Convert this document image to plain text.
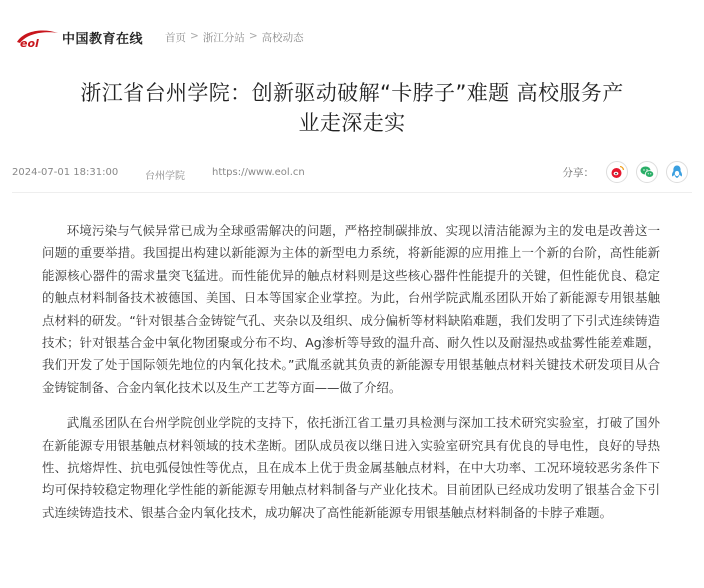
eol 中国教育在线 首页 > 浙江分站 > 高校动态
浙江省台州学院：创新驱动破解“卡脖子”难题 高校服务产
业走深走实
2024-07-01 18:31:00	台州学院	https://www.eol.cn	分享：

环境污染与气候异常已成为全球亟需解决的问题，严格控制碳排放、实现以清洁能源为主的发电是改善这一问题的重要举措。我国提出构建以新能源为主体的新型电力系统，将新能源的应用推上一个新的台阶，高性能新能源核心器件的需求量突飞猛进。而性能优异的触点材料则是这些核心器件性能提升的关键，但性能优良、稳定的触点材料制备技术被德国、美国、日本等国家企业掌控。为此，台州学院武胤丞团队开始了新能源专用银基触点材料的研发。“针对银基合金铸锭气孔、夹杂以及组织、成分偏析等材料缺陷难题，我们发明了下引式连续铸造技术；针对银基合金中氧化物团聚或分布不均、Ag渗析等导致的温升高、耐久性以及耐湿热或盐雾性能差难题，我们开发了处于国际领先地位的内氧化技术。”武胤丞就其负责的新能源专用银基触点材料关键技术研发项目从合金铸锭制备、合金内氧化技术以及生产工艺等方面——做了介绍。

武胤丞团队在台州学院创业学院的支持下，依托浙江省工量刃具检测与深加工技术研究实验室，打破了国外在新能源专用银基触点材料领域的技术垄断。团队成员夜以继日进入实验室研究具有优良的导电性，良好的导热性、抗熔焊性、抗电弧侵蚀性等优点，且在成本上优于贵金属基触点材料，在中大功率、工况环境较恶劣条件下均可保持较稳定物理化学性能的新能源专用触点材料制备与产业化技术。目前团队已经成功发明了银基合金下引式连续铸造技术、银基合金内氧化技术，成功解决了高性能新能源专用银基触点材料制备的卡脖子难题。
